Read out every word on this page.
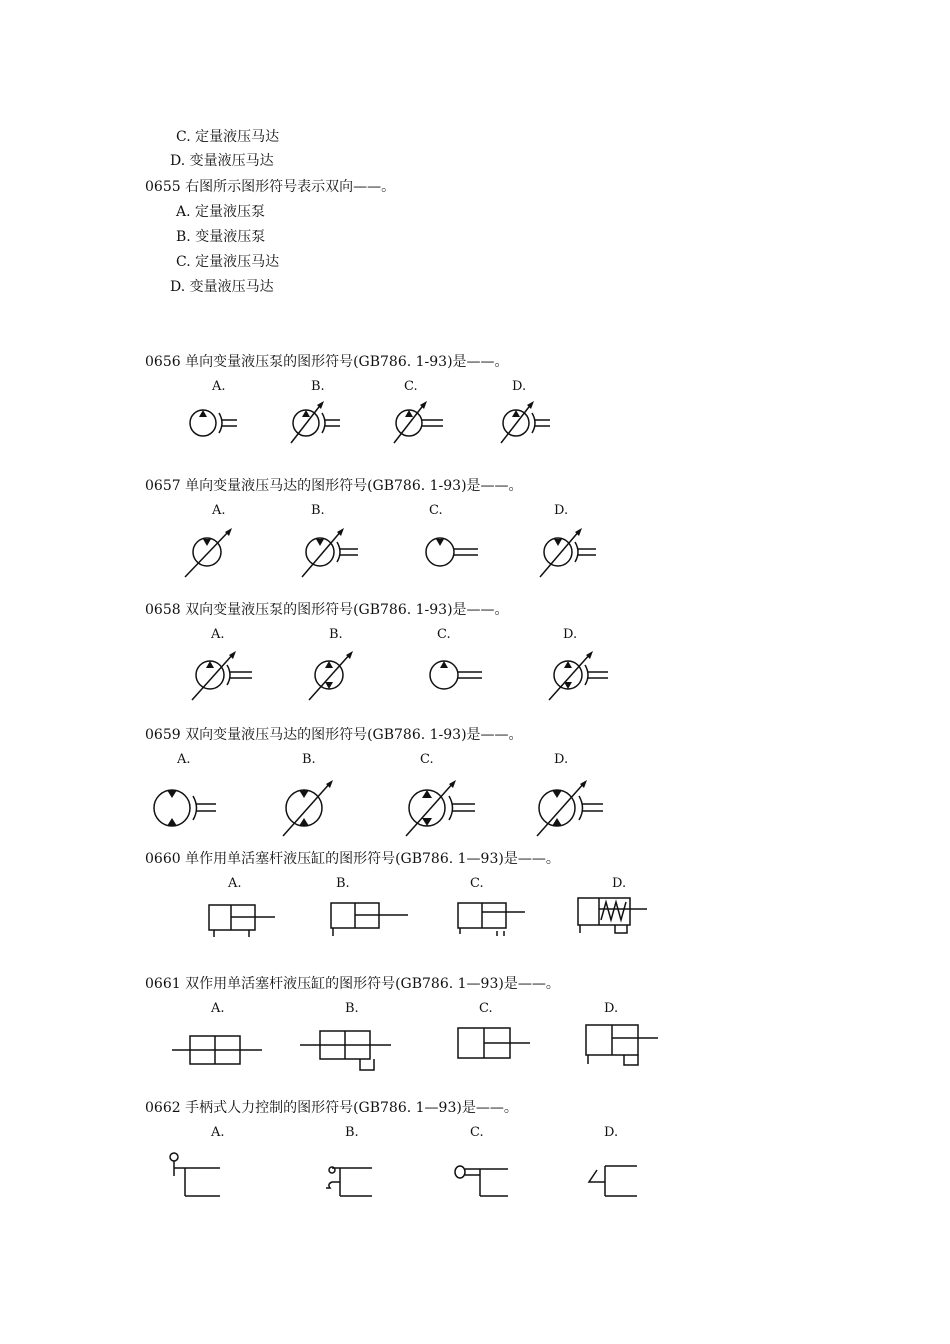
C. 定量液压马达
D. 变量液压马达
0655 右图所示图形符号表示双向——。
A. 定量液压泵
B. 变量液压泵
C. 定量液压马达
D. 变量液压马达
0656 单向变量液压泵的图形符号(GB786. 1-93)是——。
A.	B.	C.	D.
0657 单向变量液压马达的图形符号(GB786. 1-93)是——。
A.	B.	C.	D.
0658 双向变量液压泵的图形符号(GB786. 1-93)是——。
A.	B.	C.	D.
0659 双向变量液压马达的图形符号(GB786. 1-93)是——。
A.	B.	C.	D.
0660 单作用单活塞杆液压缸的图形符号(GB786. 1—93)是——。
A.	B.	C.	D.
0661 双作用单活塞杆液压缸的图形符号(GB786. 1—93)是——。
A.	B.	C.	D.
0662 手柄式人力控制的图形符号(GB786. 1—93)是——。
A.	B.	C.	D.
